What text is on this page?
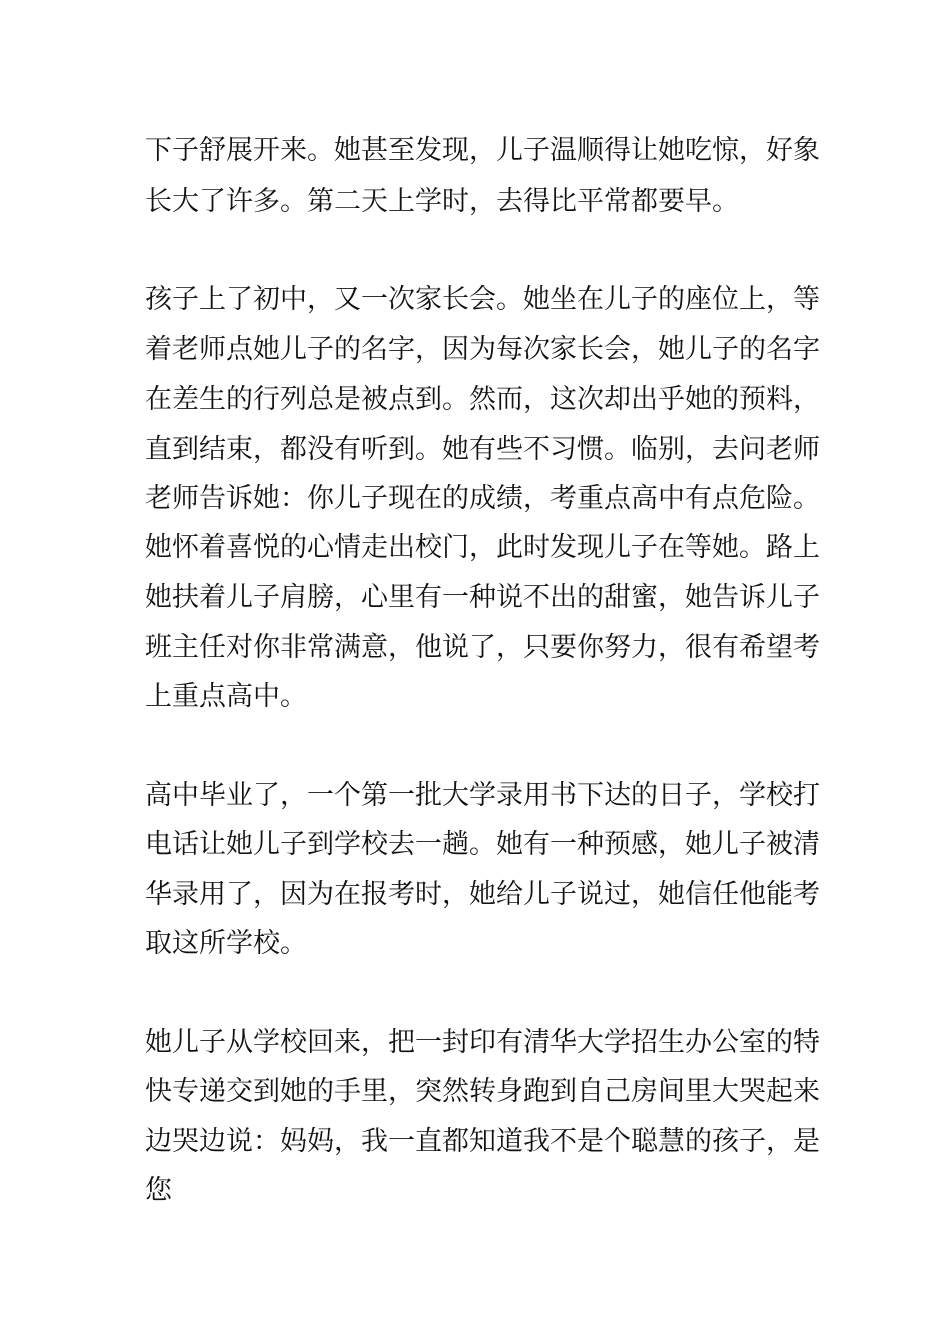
下子舒展开来。她甚至发现，儿子温顺得让她吃惊，好象
长大了许多。第二天上学时，去得比平常都要早。
孩子上了初中，又一次家长会。她坐在儿子的座位上，等
着老师点她儿子的名字，因为每次家长会，她儿子的名字
在差生的行列总是被点到。然而，这次却出乎她的预料，
直到结束，都没有听到。她有些不习惯。临别，去问老师
老师告诉她：你儿子现在的成绩，考重点高中有点危险。
她怀着喜悦的心情走出校门，此时发现儿子在等她。路上
她扶着儿子肩膀，心里有一种说不出的甜蜜，她告诉儿子
班主任对你非常满意，他说了，只要你努力，很有希望考
上重点高中。
高中毕业了，一个第一批大学录用书下达的日子，学校打
电话让她儿子到学校去一趟。她有一种预感，她儿子被清
华录用了，因为在报考时，她给儿子说过，她信任他能考
取这所学校。
她儿子从学校回来，把一封印有清华大学招生办公室的特
快专递交到她的手里，突然转身跑到自己房间里大哭起来
边哭边说：妈妈，我一直都知道我不是个聪慧的孩子，是
您
